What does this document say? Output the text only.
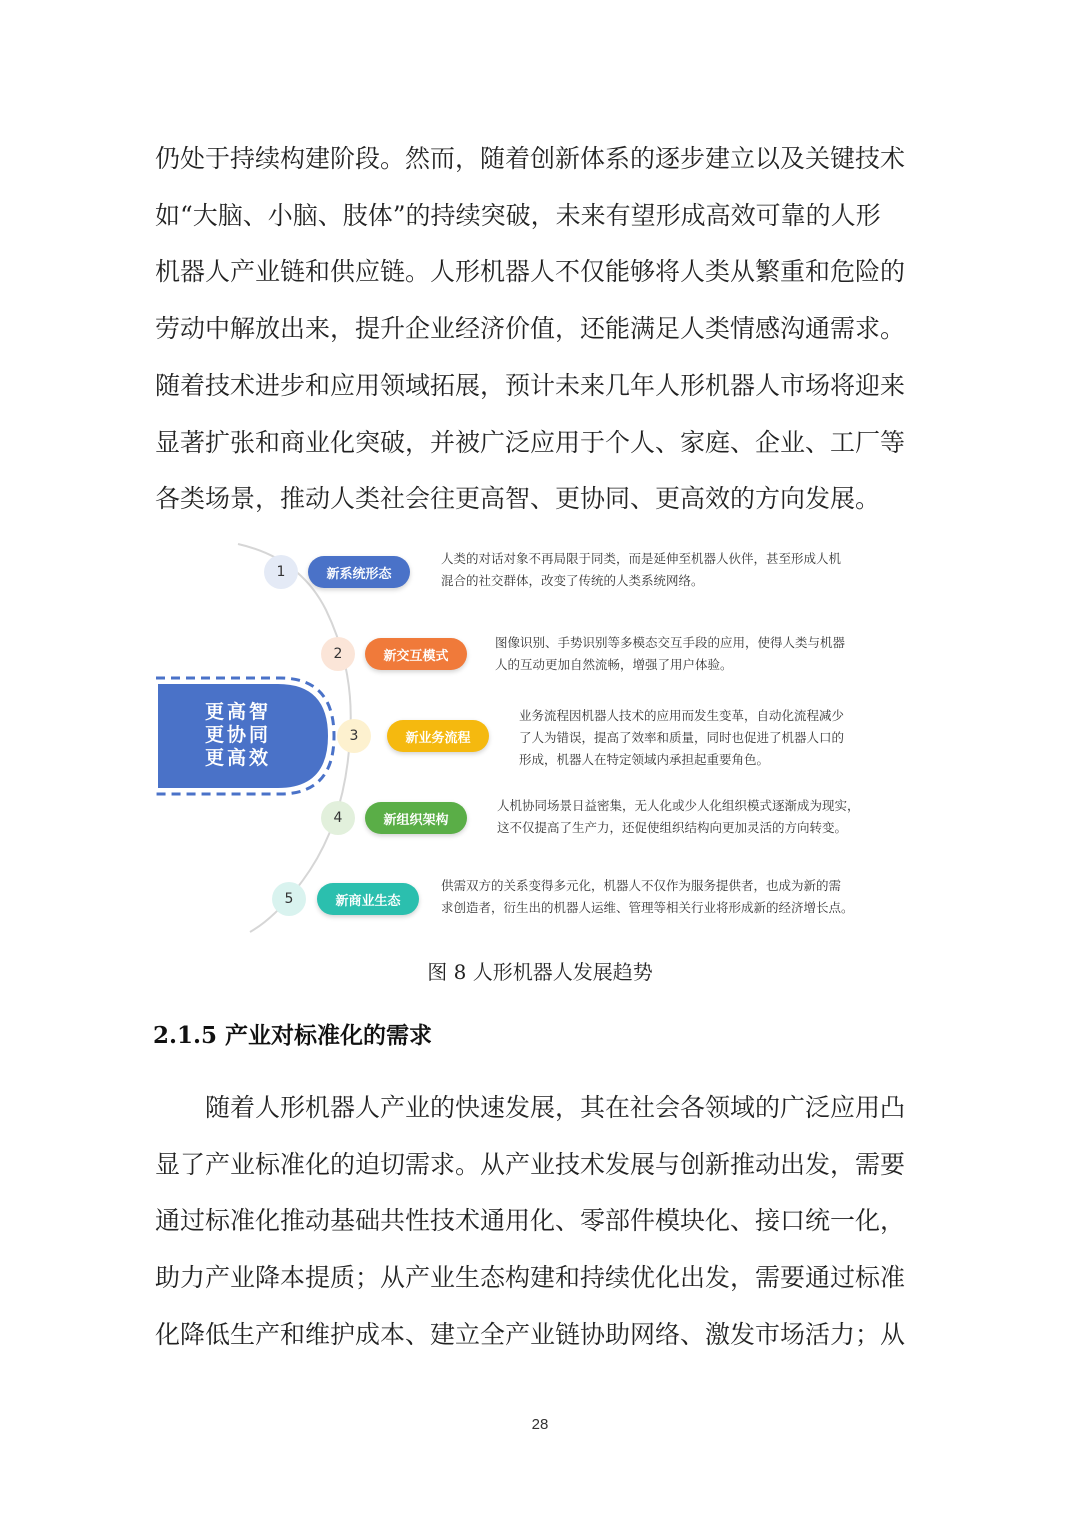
仍处于持续构建阶段。然而，随着创新体系的逐步建立以及关键技术
如“大脑、小脑、肢体”的持续突破，未来有望形成高效可靠的人形
机器人产业链和供应链。人形机器人不仅能够将人类从繁重和危险的
劳动中解放出来，提升企业经济价值，还能满足人类情感沟通需求。
随着技术进步和应用领域拓展，预计未来几年人形机器人市场将迎来
显著扩张和商业化突破，并被广泛应用于个人、家庭、企业、工厂等
各类场景，推动人类社会往更高智、更协同、更高效的方向发展。
更高智
更协同
更高效
1	新系统形态
人类的对话对象不再局限于同类，而是延伸至机器人伙伴，甚至形成人机
混合的社交群体，改变了传统的人类系统网络。
2	新交互模式
图像识别、手势识别等多模态交互手段的应用，使得人类与机器
人的互动更加自然流畅，增强了用户体验。
3	新业务流程
业务流程因机器人技术的应用而发生变革，自动化流程减少
了人为错误，提高了效率和质量，同时也促进了机器人口的
形成，机器人在特定领域内承担起重要角色。
4	新组织架构
人机协同场景日益密集，无人化或少人化组织模式逐渐成为现实，
这不仅提高了生产力，还促使组织结构向更加灵活的方向转变。
5	新商业生态
供需双方的关系变得多元化，机器人不仅作为服务提供者，也成为新的需
求创造者，衍生出的机器人运维、管理等相关行业将形成新的经济增长点。

图 8 人形机器人发展趋势

2.1.5 产业对标准化的需求
随着人形机器人产业的快速发展，其在社会各领域的广泛应用凸
显了产业标准化的迫切需求。从产业技术发展与创新推动出发，需要
通过标准化推动基础共性技术通用化、零部件模块化、接口统一化，
助力产业降本提质；从产业生态构建和持续优化出发，需要通过标准
化降低生产和维护成本、建立全产业链协助网络、激发市场活力；从
28
